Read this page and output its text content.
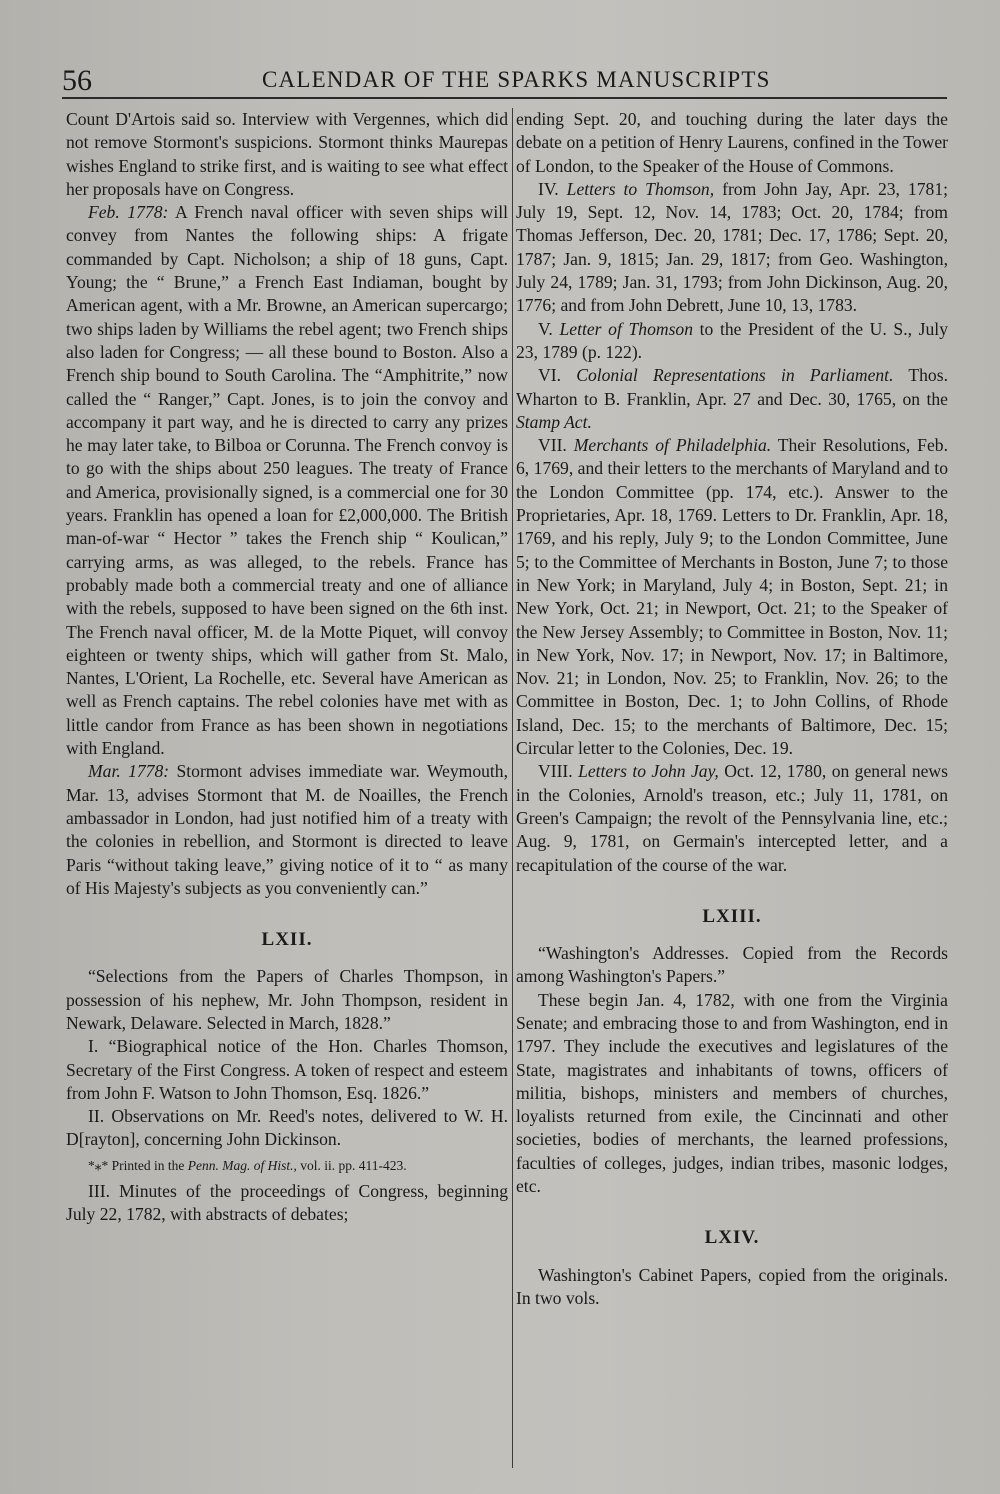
56	CALENDAR OF THE SPARKS MANUSCRIPTS

Count D'Artois said so. Interview with Vergennes, which did not remove Stormont's suspicions. Stormont thinks Maurepas wishes England to strike first, and is waiting to see what effect her proposals have on Congress.

Feb. 1778: A French naval officer with seven ships will convey from Nantes the following ships: A frigate commanded by Capt. Nicholson; a ship of 18 guns, Capt. Young; the “ Brune,” a French East Indiaman, bought by American agent, with a Mr. Browne, an American supercargo; two ships laden by Williams the rebel agent; two French ships also laden for Congress; — all these bound to Boston. Also a French ship bound to South Carolina. The “Amphitrite,” now called the “ Ranger,” Capt. Jones, is to join the convoy and accompany it part way, and he is directed to carry any prizes he may later take, to Bilboa or Corunna. The French convoy is to go with the ships about 250 leagues. The treaty of France and America, provisionally signed, is a commercial one for 30 years. Franklin has opened a loan for £2,000,000. The British man-of-war “ Hector ” takes the French ship “ Koulican,” carrying arms, as was alleged, to the rebels. France has probably made both a commercial treaty and one of alliance with the rebels, supposed to have been signed on the 6th inst. The French naval officer, M. de la Motte Piquet, will convoy eighteen or twenty ships, which will gather from St. Malo, Nantes, L'Orient, La Rochelle, etc. Several have American as well as French captains. The rebel colonies have met with as little candor from France as has been shown in negotiations with England.

Mar. 1778: Stormont advises immediate war. Weymouth, Mar. 13, advises Stormont that M. de Noailles, the French ambassador in London, had just notified him of a treaty with the colonies in rebellion, and Stormont is directed to leave Paris “without taking leave,” giving notice of it to “ as many of His Majesty's subjects as you conveniently can.”

LXII.

“Selections from the Papers of Charles Thompson, in possession of his nephew, Mr. John Thompson, resident in Newark, Delaware. Selected in March, 1828.”

I. “Biographical notice of the Hon. Charles Thomson, Secretary of the First Congress. A token of respect and esteem from John F. Watson to John Thomson, Esq. 1826.”

II. Observations on Mr. Reed's notes, delivered to W. H. D[rayton], concerning John Dickinson.

*⁎* Printed in the Penn. Mag. of Hist., vol. ii. pp. 411-423.

III. Minutes of the proceedings of Congress, beginning July 22, 1782, with abstracts of debates;

ending Sept. 20, and touching during the later days the debate on a petition of Henry Laurens, confined in the Tower of London, to the Speaker of the House of Commons.

IV. Letters to Thomson, from John Jay, Apr. 23, 1781; July 19, Sept. 12, Nov. 14, 1783; Oct. 20, 1784; from Thomas Jefferson, Dec. 20, 1781; Dec. 17, 1786; Sept. 20, 1787; Jan. 9, 1815; Jan. 29, 1817; from Geo. Washington, July 24, 1789; Jan. 31, 1793; from John Dickinson, Aug. 20, 1776; and from John Debrett, June 10, 13, 1783.

V. Letter of Thomson to the President of the U. S., July 23, 1789 (p. 122).

VI. Colonial Representations in Parliament. Thos. Wharton to B. Franklin, Apr. 27 and Dec. 30, 1765, on the Stamp Act.

VII. Merchants of Philadelphia. Their Resolutions, Feb. 6, 1769, and their letters to the merchants of Maryland and to the London Committee (pp. 174, etc.). Answer to the Proprietaries, Apr. 18, 1769. Letters to Dr. Franklin, Apr. 18, 1769, and his reply, July 9; to the London Committee, June 5; to the Committee of Merchants in Boston, June 7; to those in New York; in Maryland, July 4; in Boston, Sept. 21; in New York, Oct. 21; in Newport, Oct. 21; to the Speaker of the New Jersey Assembly; to Committee in Boston, Nov. 11; in New York, Nov. 17; in Newport, Nov. 17; in Baltimore, Nov. 21; in London, Nov. 25; to Franklin, Nov. 26; to the Committee in Boston, Dec. 1; to John Collins, of Rhode Island, Dec. 15; to the merchants of Baltimore, Dec. 15; Circular letter to the Colonies, Dec. 19.

VIII. Letters to John Jay, Oct. 12, 1780, on general news in the Colonies, Arnold's treason, etc.; July 11, 1781, on Green's Campaign; the revolt of the Pennsylvania line, etc.; Aug. 9, 1781, on Germain's intercepted letter, and a recapitulation of the course of the war.

LXIII.

“Washington's Addresses. Copied from the Records among Washington's Papers.”

These begin Jan. 4, 1782, with one from the Virginia Senate; and embracing those to and from Washington, end in 1797. They include the executives and legislatures of the State, magistrates and inhabitants of towns, officers of militia, bishops, ministers and members of churches, loyalists returned from exile, the Cincinnati and other societies, bodies of merchants, the learned professions, faculties of colleges, judges, indian tribes, masonic lodges, etc.

LXIV.

Washington's Cabinet Papers, copied from the originals. In two vols.
